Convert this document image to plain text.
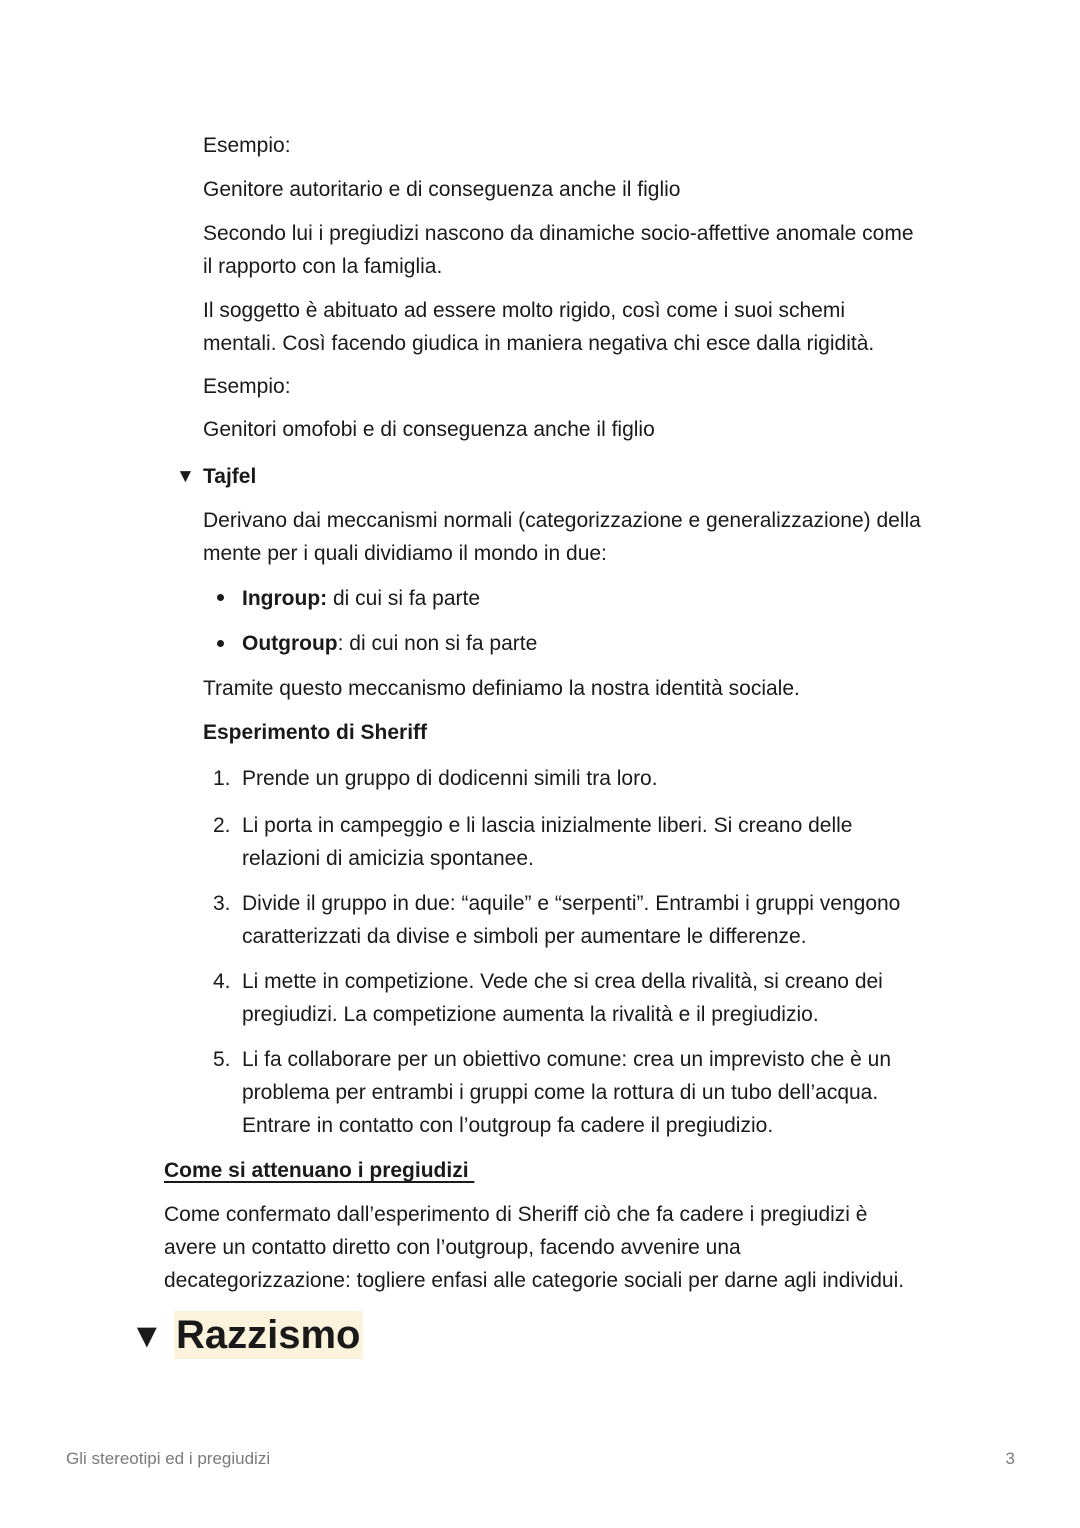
Esempio:
Genitore autoritario e di conseguenza anche il figlio
Secondo lui i pregiudizi nascono da dinamiche socio-affettive anomale come
il rapporto con la famiglia.
Il soggetto è abituato ad essere molto rigido, così come i suoi schemi
mentali. Così facendo giudica in maniera negativa chi esce dalla rigidità.
Esempio:
Genitori omofobi e di conseguenza anche il figlio
▼ Tajfel
Derivano dai meccanismi normali (categorizzazione e generalizzazione) della
mente per i quali dividiamo il mondo in due:
Ingroup: di cui si fa parte
Outgroup: di cui non si fa parte
Tramite questo meccanismo definiamo la nostra identità sociale.
Esperimento di Sheriff
1. Prende un gruppo di dodicenni simili tra loro.
2. Li porta in campeggio e li lascia inizialmente liberi. Si creano delle
relazioni di amicizia spontanee.
3. Divide il gruppo in due: “aquile” e “serpenti”. Entrambi i gruppi vengono
caratterizzati da divise e simboli per aumentare le differenze.
4. Li mette in competizione. Vede che si crea della rivalità, si creano dei
pregiudizi. La competizione aumenta la rivalità e il pregiudizio.
5. Li fa collaborare per un obiettivo comune: crea un imprevisto che è un
problema per entrambi i gruppi come la rottura di un tubo dell’acqua.
Entrare in contatto con l’outgroup fa cadere il pregiudizio.
Come si attenuano i pregiudizi
Come confermato dall’esperimento di Sheriff ciò che fa cadere i pregiudizi è
avere un contatto diretto con l’outgroup, facendo avvenire una
decategorizzazione: togliere enfasi alle categorie sociali per darne agli individui.
▼ Razzismo
Gli stereotipi ed i pregiudizi	3
